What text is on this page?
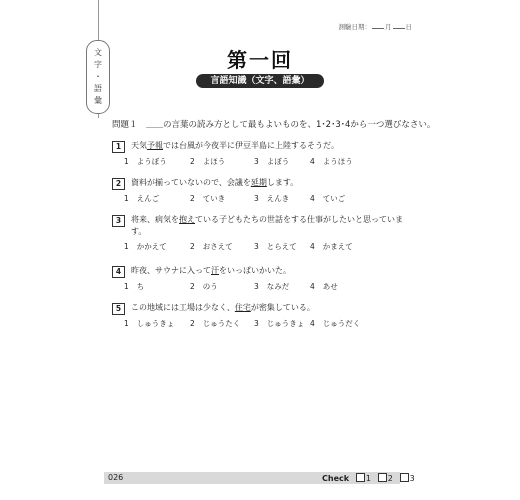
文
字
・
語
彙
測驗日期： 月 日
第一回
言語知識（文字、語彙）
問題１　＿＿の言葉の読み方として最もよいものを、1･2･3･4から一つ選びなさい。
1	天気予報では台風が今夜半に伊豆半島に上陸するそうだ。
1 ようぼう	2 よほう	3 よぼう	4 ようほう
2	資料が揃っていないので、会議を延期します。
1 えんご	2 ていき	3 えんき	4 ていご
3	将来、病気を抱えている子どもたちの世話をする仕事がしたいと思っています。
1 かかえて	2 おさえて	3 とらえて 4 かまえて
4	昨夜、サウナに入って汗をいっぱいかいた。
1 ち	2 のう	3 なみだ	4 あせ
5	この地域には工場は少なく、住宅が密集している。
1 しゅうきょ 2 じゅうたく 3 じゅうきょ 4 じゅうだく
026	Check 1 2 3
